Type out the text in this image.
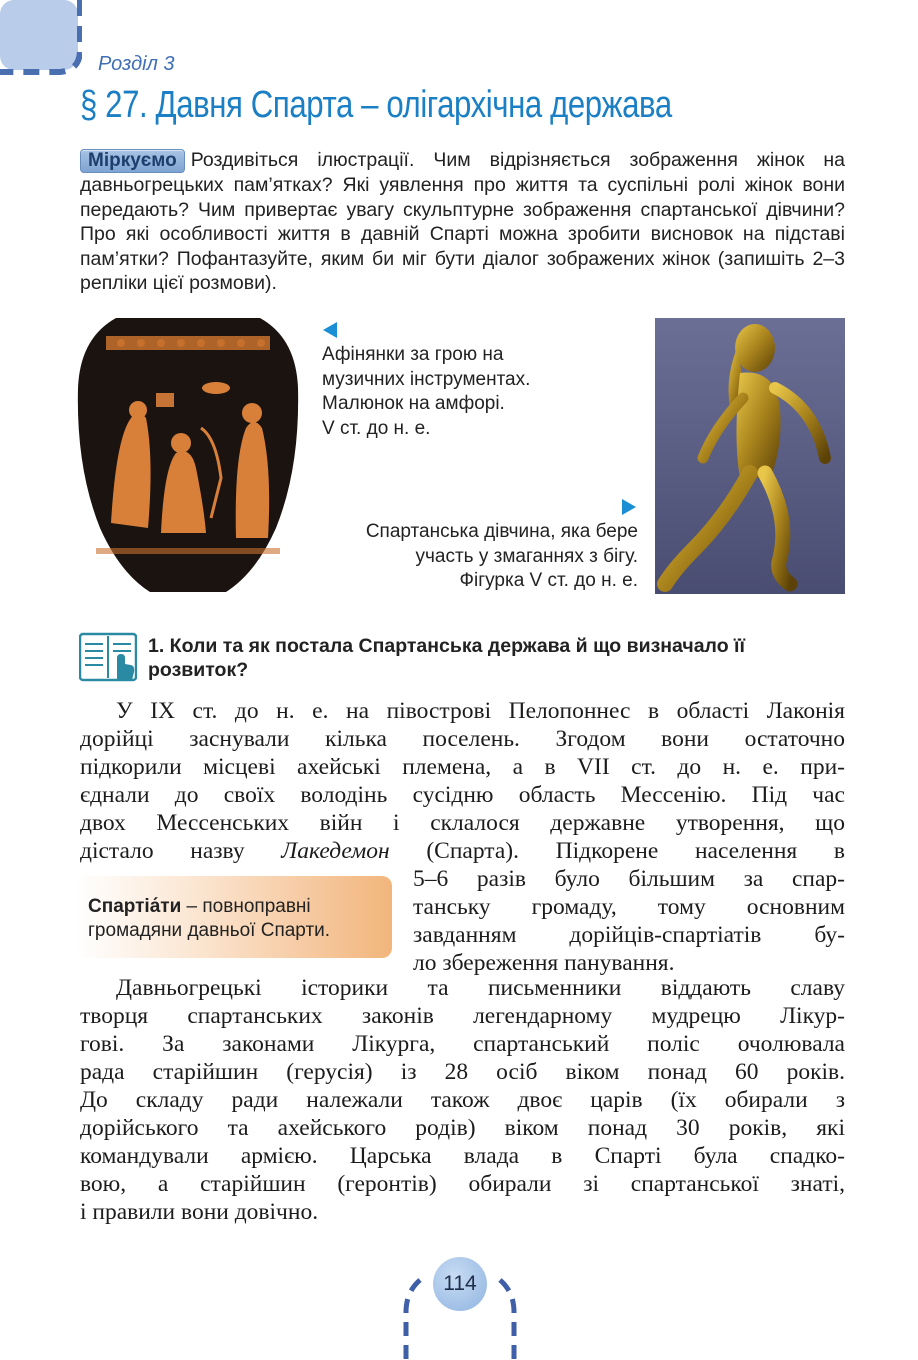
Розділ 3
§ 27. Давня Спарта – олігархічна держава
Міркуємо Роздивіться ілюстрації. Чим відрізняється зображення жінок на давньогрецьких пам’ятках? Які уявлення про життя та суспільні ролі жінок вони передають? Чим привертає увагу скульптурне зображення спартанської дівчини? Про які особливості життя в давній Спарті можна зробити висновок на підставі пам’ятки? Пофантазуйте, яким би міг бути діалог зображених жінок (запишіть 2–3 репліки цієї розмови).
Афінянки за грою на
музичних інструментах.
Малюнок на амфорі.
V ст. до н. е.
Спартанська дівчина, яка бере
участь у змаганнях з бігу.
Фігурка V ст. до н. е.
1. Коли та як постала Спартанська держава й що визначало її розвиток?
У IX ст. до н. е. на півострові Пелопоннес в області Лаконія
дорійці заснували кілька поселень. Згодом вони остаточно
підкорили місцеві ахейські племена, а в VII ст. до н. е. при-
єднали до своїх володінь сусідню область Мессенію. Під час
двох Мессенських війн і склалося державне утворення, що
дістало назву Лакедемон (Спарта). Підкорене населення в
5–6 разів було більшим за спар-
танську громаду, тому основним
завданням дорійців-спартіатів бу-
ло збереження панування.
Спартіа́ти – повноправні
громадяни давньої Спарти.
Давньогрецькі історики та письменники віддають славу
творця спартанських законів легендарному мудрецю Лікур-
гові. За законами Лікурга, спартанський поліс очолювала
рада старійшин (герусія) із 28 осіб віком понад 60 років.
До складу ради належали також двоє царів (їх обирали з
дорійського та ахейського родів) віком понад 30 років, які
командували армією. Царська влада в Спарті була спадко-
вою, а старійшин (геронтів) обирали зі спартанської знаті,
і правили вони довічно.
114
